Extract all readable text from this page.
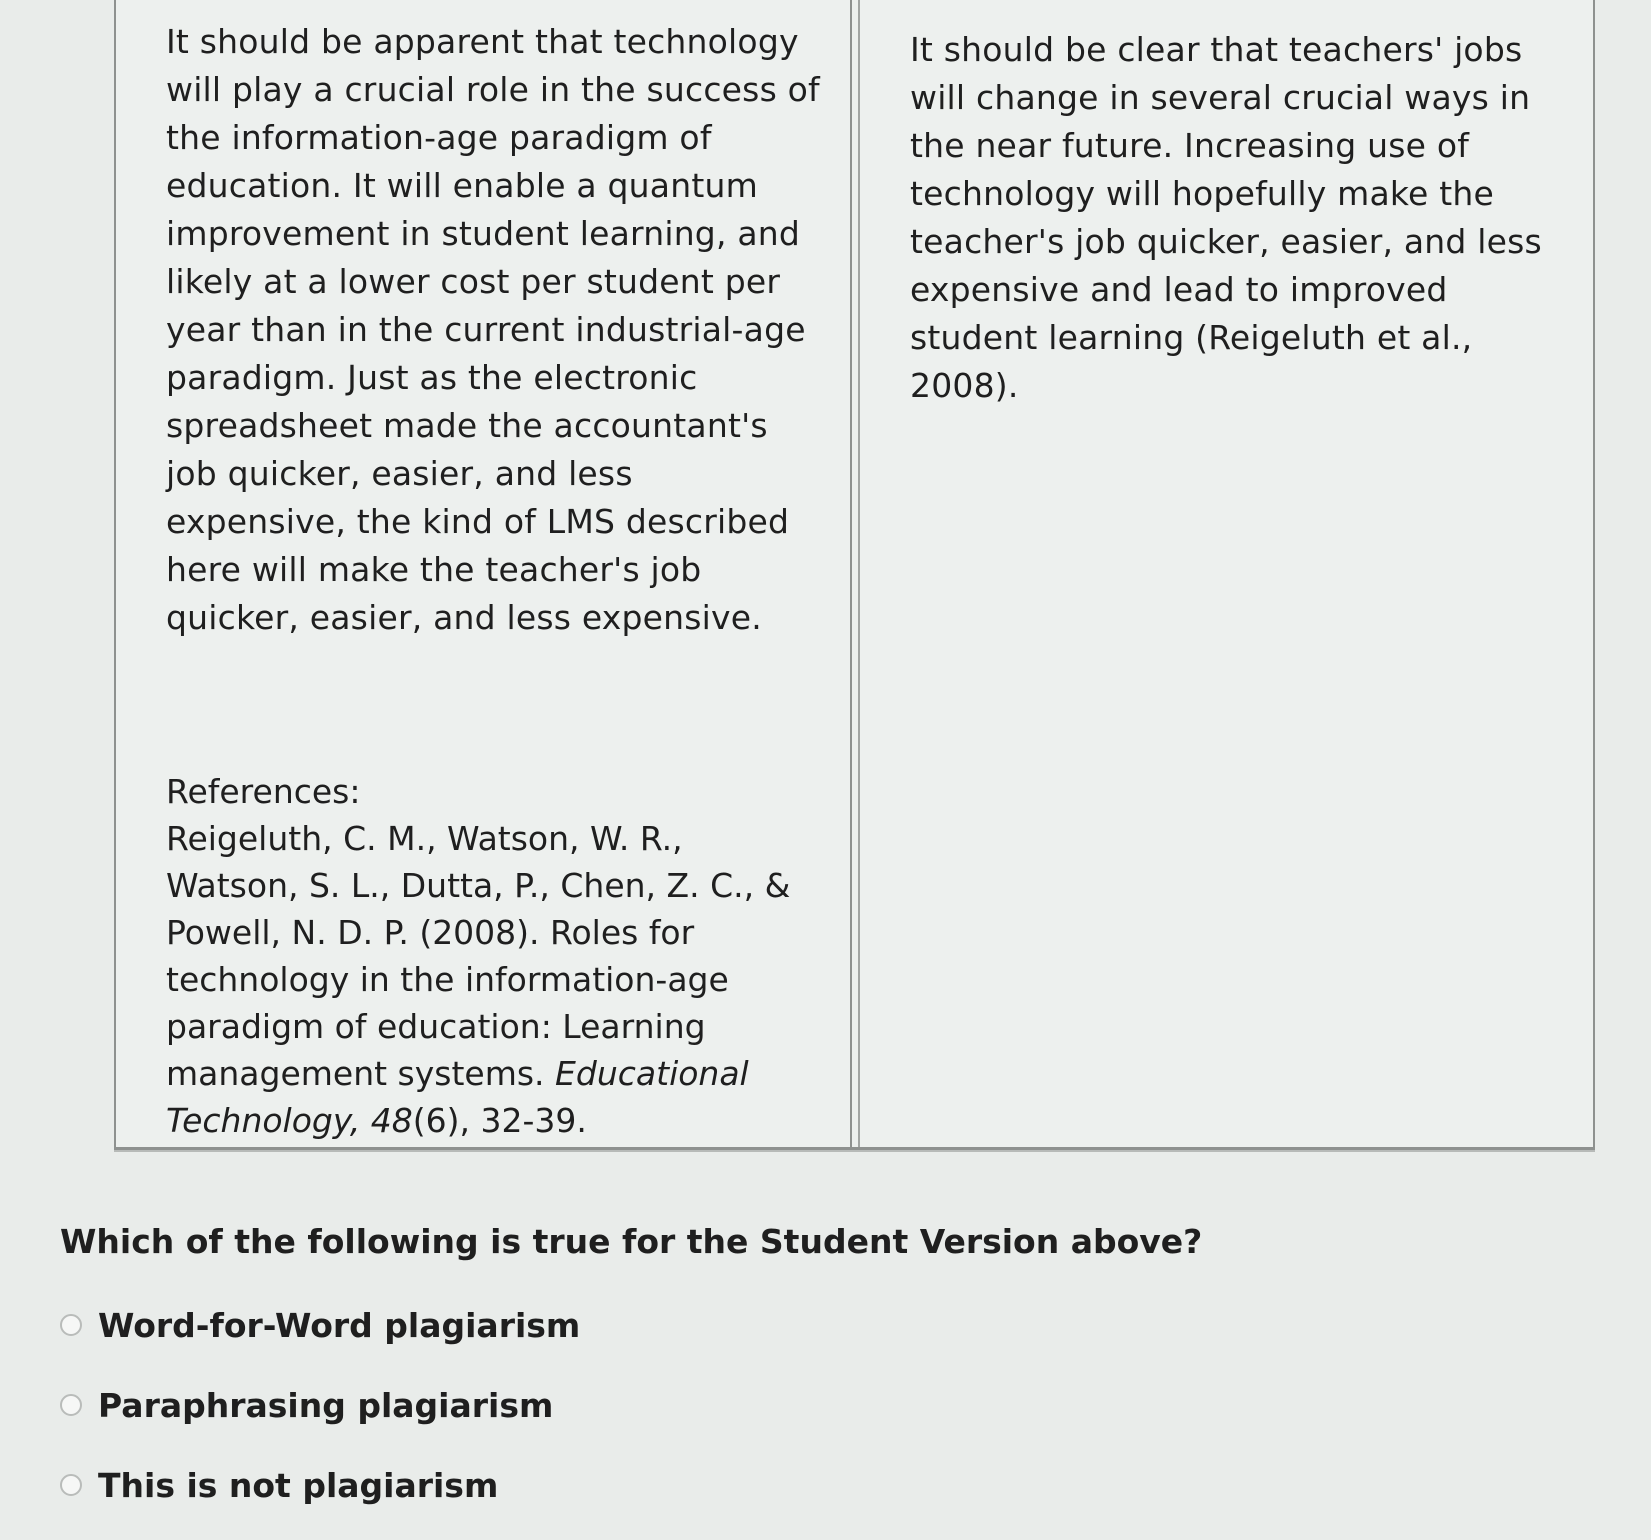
It should be apparent that technology will play a crucial role in the success of the information-age paradigm of education. It will enable a quantum improvement in student learning, and likely at a lower cost per student per year than in the current industrial-age paradigm. Just as the electronic spreadsheet made the accountant's job quicker, easier, and less expensive, the kind of LMS described here will make the teacher's job quicker, easier, and less expensive.

References:

Reigeluth, C. M., Watson, W. R., Watson, S. L., Dutta, P., Chen, Z. C., & Powell, N. D. P. (2008). Roles for technology in the information-age paradigm of education: Learning management systems. Educational Technology, 48(6), 32-39.

It should be clear that teachers' jobs will change in several crucial ways in the near future. Increasing use of technology will hopefully make the teacher's job quicker, easier, and less expensive and lead to improved student learning (Reigeluth et al., 2008).

Which of the following is true for the Student Version above?

Word-for-Word plagiarism
Paraphrasing plagiarism
This is not plagiarism
